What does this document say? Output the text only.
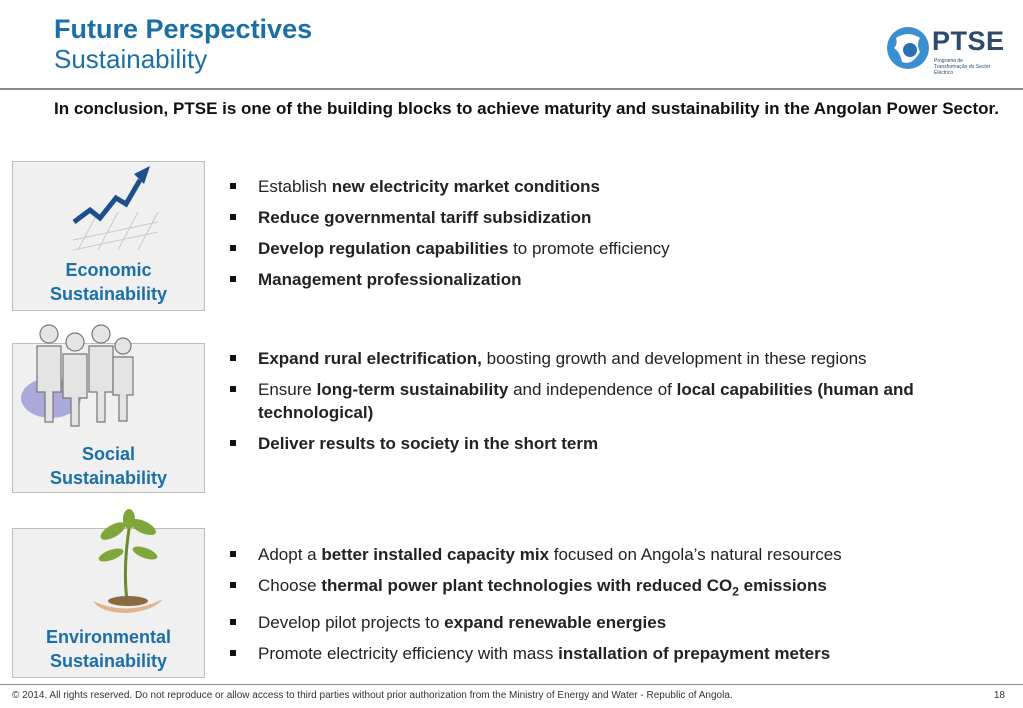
Future Perspectives
Sustainability
PTSE
Programa de Transformação do Sector Eléctrico
In conclusion, PTSE is one of the building blocks to achieve maturity and sustainability in the Angolan Power Sector.
Economic
Sustainability
Social
Sustainability
Environmental
Sustainability
Establish new electricity market conditions
Reduce governmental tariff subsidization
Develop regulation capabilities to promote efficiency
Management professionalization
Expand rural electrification, boosting growth and development in these regions
Ensure long-term sustainability and independence of local capabilities (human and technological)
Deliver results to society in the short term
Adopt a better installed capacity mix focused on Angola’s natural resources
Choose thermal power plant technologies with reduced $CO_2$ emissions
Develop pilot projects to expand renewable energies
Promote electricity efficiency with mass installation of prepayment meters
© 2014. All rights reserved. Do not reproduce or allow access to third parties without prior authorization from the Ministry of Energy and Water - Republic of Angola.	18
